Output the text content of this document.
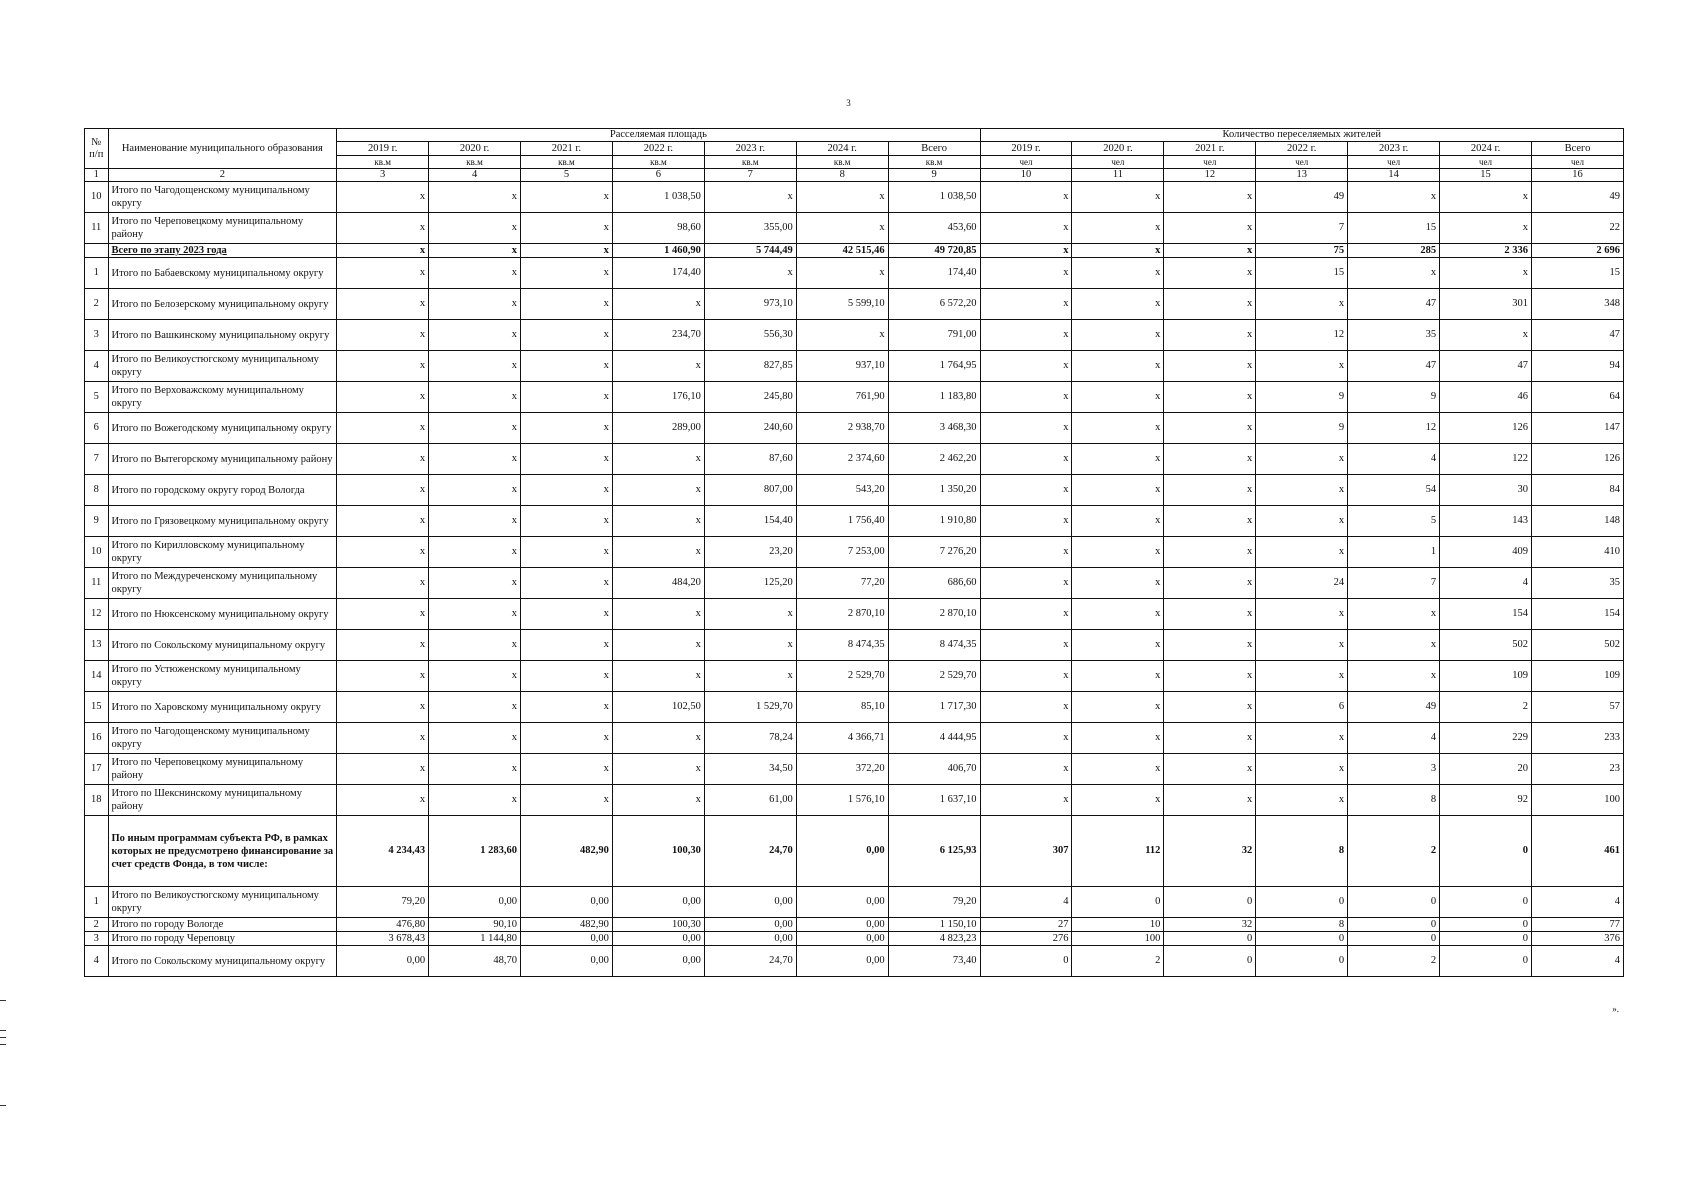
3
№ п/п	Наименование муниципального образования	Расселяемая площадь							Количество переселяемых жителей						
		2019 г.	2020 г.	2021 г.	2022 г.	2023 г.	2024 г.	Всего	2019 г.	2020 г.	2021 г.	2022 г.	2023 г.	2024 г.	Всего
		кв.м	кв.м	кв.м	кв.м	кв.м	кв.м	кв.м	чел	чел	чел	чел	чел	чел	чел
1	2	3	4	5	6	7	8	9	10	11	12	13	14	15	16
10	Итого по Чагодощенскому муниципальному округу	x	x	x	1 038,50	x	x	1 038,50	x	x	x	49	x	x	49
11	Итого по Череповецкому муниципальному району	x	x	x	98,60	355,00	x	453,60	x	x	x	7	15	x	22
	Всего по этапу 2023 года	x	x	x	1 460,90	5 744,49	42 515,46	49 720,85	x	x	x	75	285	2 336	2 696
1	Итого по Бабаевскому муниципальному округу	x	x	x	174,40	x	x	174,40	x	x	x	15	x	x	15
2	Итого по Белозерскому муниципальному округу	x	x	x	x	973,10	5 599,10	6 572,20	x	x	x	x	47	301	348
3	Итого по Вашкинскому муниципальному округу	x	x	x	234,70	556,30	x	791,00	x	x	x	12	35	x	47
4	Итого по Великоустюгскому муниципальному округу	x	x	x	x	827,85	937,10	1 764,95	x	x	x	x	47	47	94
5	Итого по Верховажскому муниципальному округу	x	x	x	176,10	245,80	761,90	1 183,80	x	x	x	9	9	46	64
6	Итого по Вожегодскому муниципальному округу	x	x	x	289,00	240,60	2 938,70	3 468,30	x	x	x	9	12	126	147
7	Итого по Вытегорскому муниципальному району	x	x	x	x	87,60	2 374,60	2 462,20	x	x	x	x	4	122	126
8	Итого по городскому округу город Вологда	x	x	x	x	807,00	543,20	1 350,20	x	x	x	x	54	30	84
9	Итого по Грязовецкому муниципальному округу	x	x	x	x	154,40	1 756,40	1 910,80	x	x	x	x	5	143	148
10	Итого по Кирилловскому муниципальному округу	x	x	x	x	23,20	7 253,00	7 276,20	x	x	x	x	1	409	410
11	Итого по Междуреченскому муниципальному округу	x	x	x	484,20	125,20	77,20	686,60	x	x	x	24	7	4	35
12	Итого по Нюксенскому муниципальному округу	x	x	x	x	x	2 870,10	2 870,10	x	x	x	x	x	154	154
13	Итого по Сокольскому муниципальному округу	x	x	x	x	x	8 474,35	8 474,35	x	x	x	x	x	502	502
14	Итого по Устюженскому муниципальному округу	x	x	x	x	x	2 529,70	2 529,70	x	x	x	x	x	109	109
15	Итого по Харовскому муниципальному округу	x	x	x	102,50	1 529,70	85,10	1 717,30	x	x	x	6	49	2	57
16	Итого по Чагодощенскому муниципальному округу	x	x	x	x	78,24	4 366,71	4 444,95	x	x	x	x	4	229	233
17	Итого по Череповецкому муниципальному району	x	x	x	x	34,50	372,20	406,70	x	x	x	x	3	20	23
18	Итого по Шекснинскому муниципальному району	x	x	x	x	61,00	1 576,10	1 637,10	x	x	x	x	8	92	100
	По иным программам субъекта РФ, в рамках которых не предусмотрено финансирование за счет средств Фонда, в том числе:	4 234,43	1 283,60	482,90	100,30	24,70	0,00	6 125,93	307	112	32	8	2	0	461
1	Итого по Великоустюгскому муниципальному округу	79,20	0,00	0,00	0,00	0,00	0,00	79,20	4	0	0	0	0	0	4
2	Итого по городу Вологде	476,80	90,10	482,90	100,30	0,00	0,00	1 150,10	27	10	32	8	0	0	77
3	Итого по городу Череповцу	3 678,43	1 144,80	0,00	0,00	0,00	0,00	4 823,23	276	100	0	0	0	0	376
4	Итого по Сокольскому муниципальному округу	0,00	48,70	0,00	0,00	24,70	0,00	73,40	0	2	0	0	2	0	4
».
